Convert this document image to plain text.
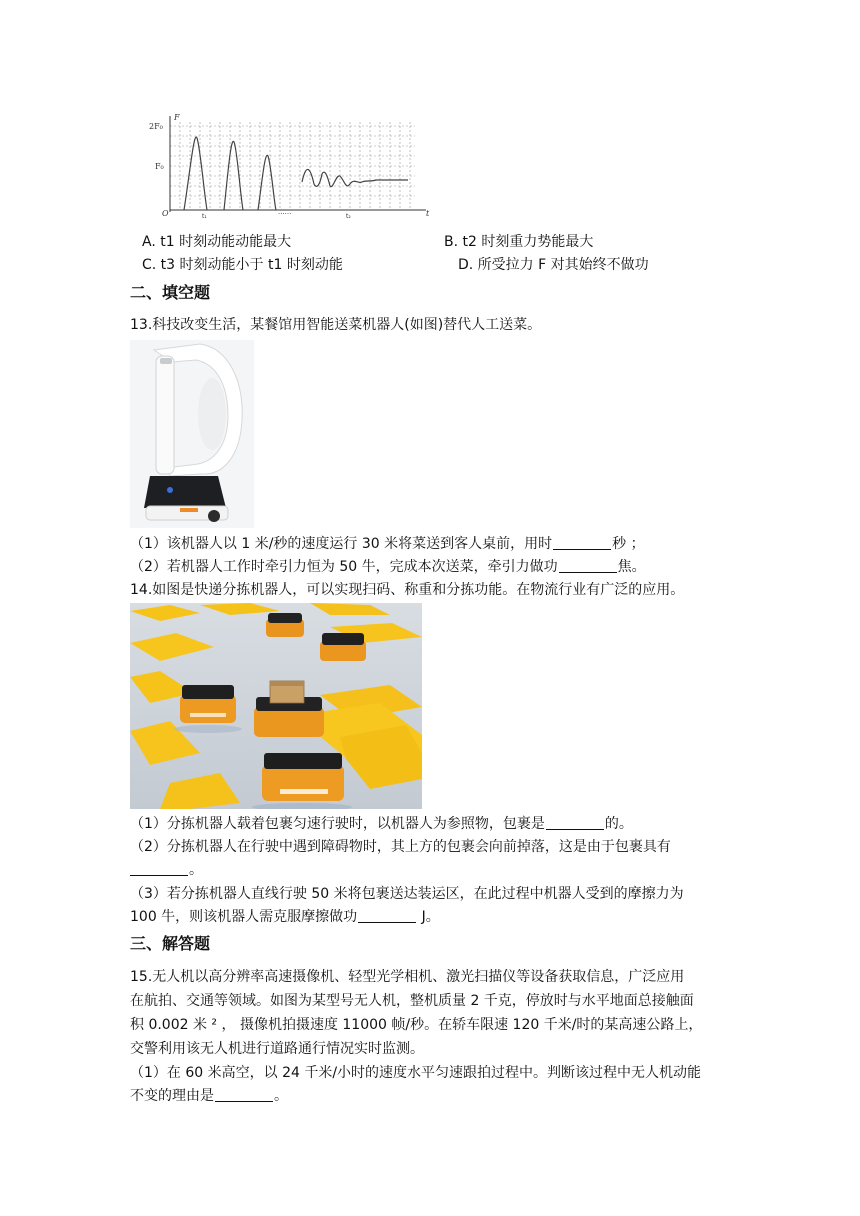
F
2F₀
F₀
O	t
t₁	t₂
······
A. t1 时刻动能动能最大	B. t2 时刻重力势能最大
C. t3 时刻动能小于 t1 时刻动能	D. 所受拉力 F 对其始终不做功
二、填空题
13.科技改变生活，某餐馆用智能送菜机器人(如图)替代人工送菜。
（1）该机器人以 1 米/秒的速度运行 30 米将菜送到客人桌前，用时	秒 ；
（2）若机器人工作时牵引力恒为 50 牛，完成本次送菜，牵引力做功	焦。
14.如图是快递分拣机器人，可以实现扫码、称重和分拣功能。在物流行业有广泛的应用。
（1）分拣机器人载着包裹匀速行驶时，以机器人为参照物，包裹是	的。
（2）分拣机器人在行驶中遇到障碍物时，其上方的包裹会向前掉落，这是由于包裹具有
。
（3）若分拣机器人直线行驶 50 米将包裹送达装运区，在此过程中机器人受到的摩擦力为
100 牛，则该机器人需克服摩擦做功	J。
三、解答题
15.无人机以高分辨率高速摄像机、轻型光学相机、激光扫描仪等设备获取信息，广泛应用
在航拍、交通等领域。如图为某型号无人机，整机质量 2 千克，停放时与水平地面总接触面
积 0.002 米 ² ， 摄像机拍摄速度 11000 帧/秒。在轿车限速 120 千米/时的某高速公路上，
交警利用该无人机进行道路通行情况实时监测。
（1）在 60 米高空，以 24 千米/小时的速度水平匀速跟拍过程中。判断该过程中无人机动能
不变的理由是	。
